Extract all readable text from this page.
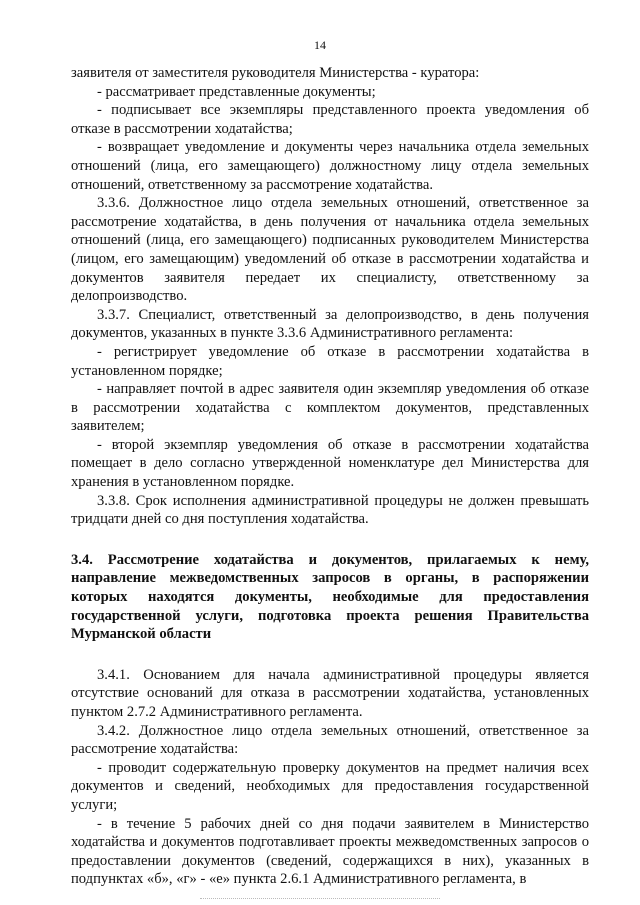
14

заявителя от заместителя руководителя Министерства - куратора:

- рассматривает представленные документы;

- подписывает все экземпляры представленного проекта уведомления об отказе в рассмотрении ходатайства;

- возвращает уведомление и документы через начальника отдела земельных отношений (лица, его замещающего) должностному лицу отдела земельных отношений, ответственному за рассмотрение ходатайства.

3.3.6. Должностное лицо отдела земельных отношений, ответственное за рассмотрение ходатайства, в день получения от начальника отдела земельных отношений (лица, его замещающего) подписанных руководителем Министерства (лицом, его замещающим) уведомлений об отказе в рассмотрении ходатайства и документов заявителя передает их специалисту, ответственному за делопроизводство.

3.3.7. Специалист, ответственный за делопроизводство, в день получения документов, указанных в пункте 3.3.6 Административного регламента:

- регистрирует уведомление об отказе в рассмотрении ходатайства в установленном порядке;

- направляет почтой в адрес заявителя один экземпляр уведомления об отказе в рассмотрении ходатайства с комплектом документов, представленных заявителем;

- второй экземпляр уведомления об отказе в рассмотрении ходатайства помещает в дело согласно утвержденной номенклатуре дел Министерства для хранения в установленном порядке.

3.3.8. Срок исполнения административной процедуры не должен превышать тридцати дней со дня поступления ходатайства.

3.4. Рассмотрение ходатайства и документов, прилагаемых к нему, направление межведомственных запросов в органы, в распоряжении которых находятся документы, необходимые для предоставления государственной услуги, подготовка проекта решения Правительства Мурманской области

3.4.1. Основанием для начала административной процедуры является отсутствие оснований для отказа в рассмотрении ходатайства, установленных пунктом 2.7.2 Административного регламента.

3.4.2. Должностное лицо отдела земельных отношений, ответственное за рассмотрение ходатайства:

- проводит содержательную проверку документов на предмет наличия всех документов и сведений, необходимых для предоставления государственной услуги;

- в течение 5 рабочих дней со дня подачи заявителем в Министерство ходатайства и документов подготавливает проекты межведомственных запросов о предоставлении документов (сведений, содержащихся в них), указанных в подпунктах «б», «г» - «е» пункта 2.6.1 Административного регламента, в
